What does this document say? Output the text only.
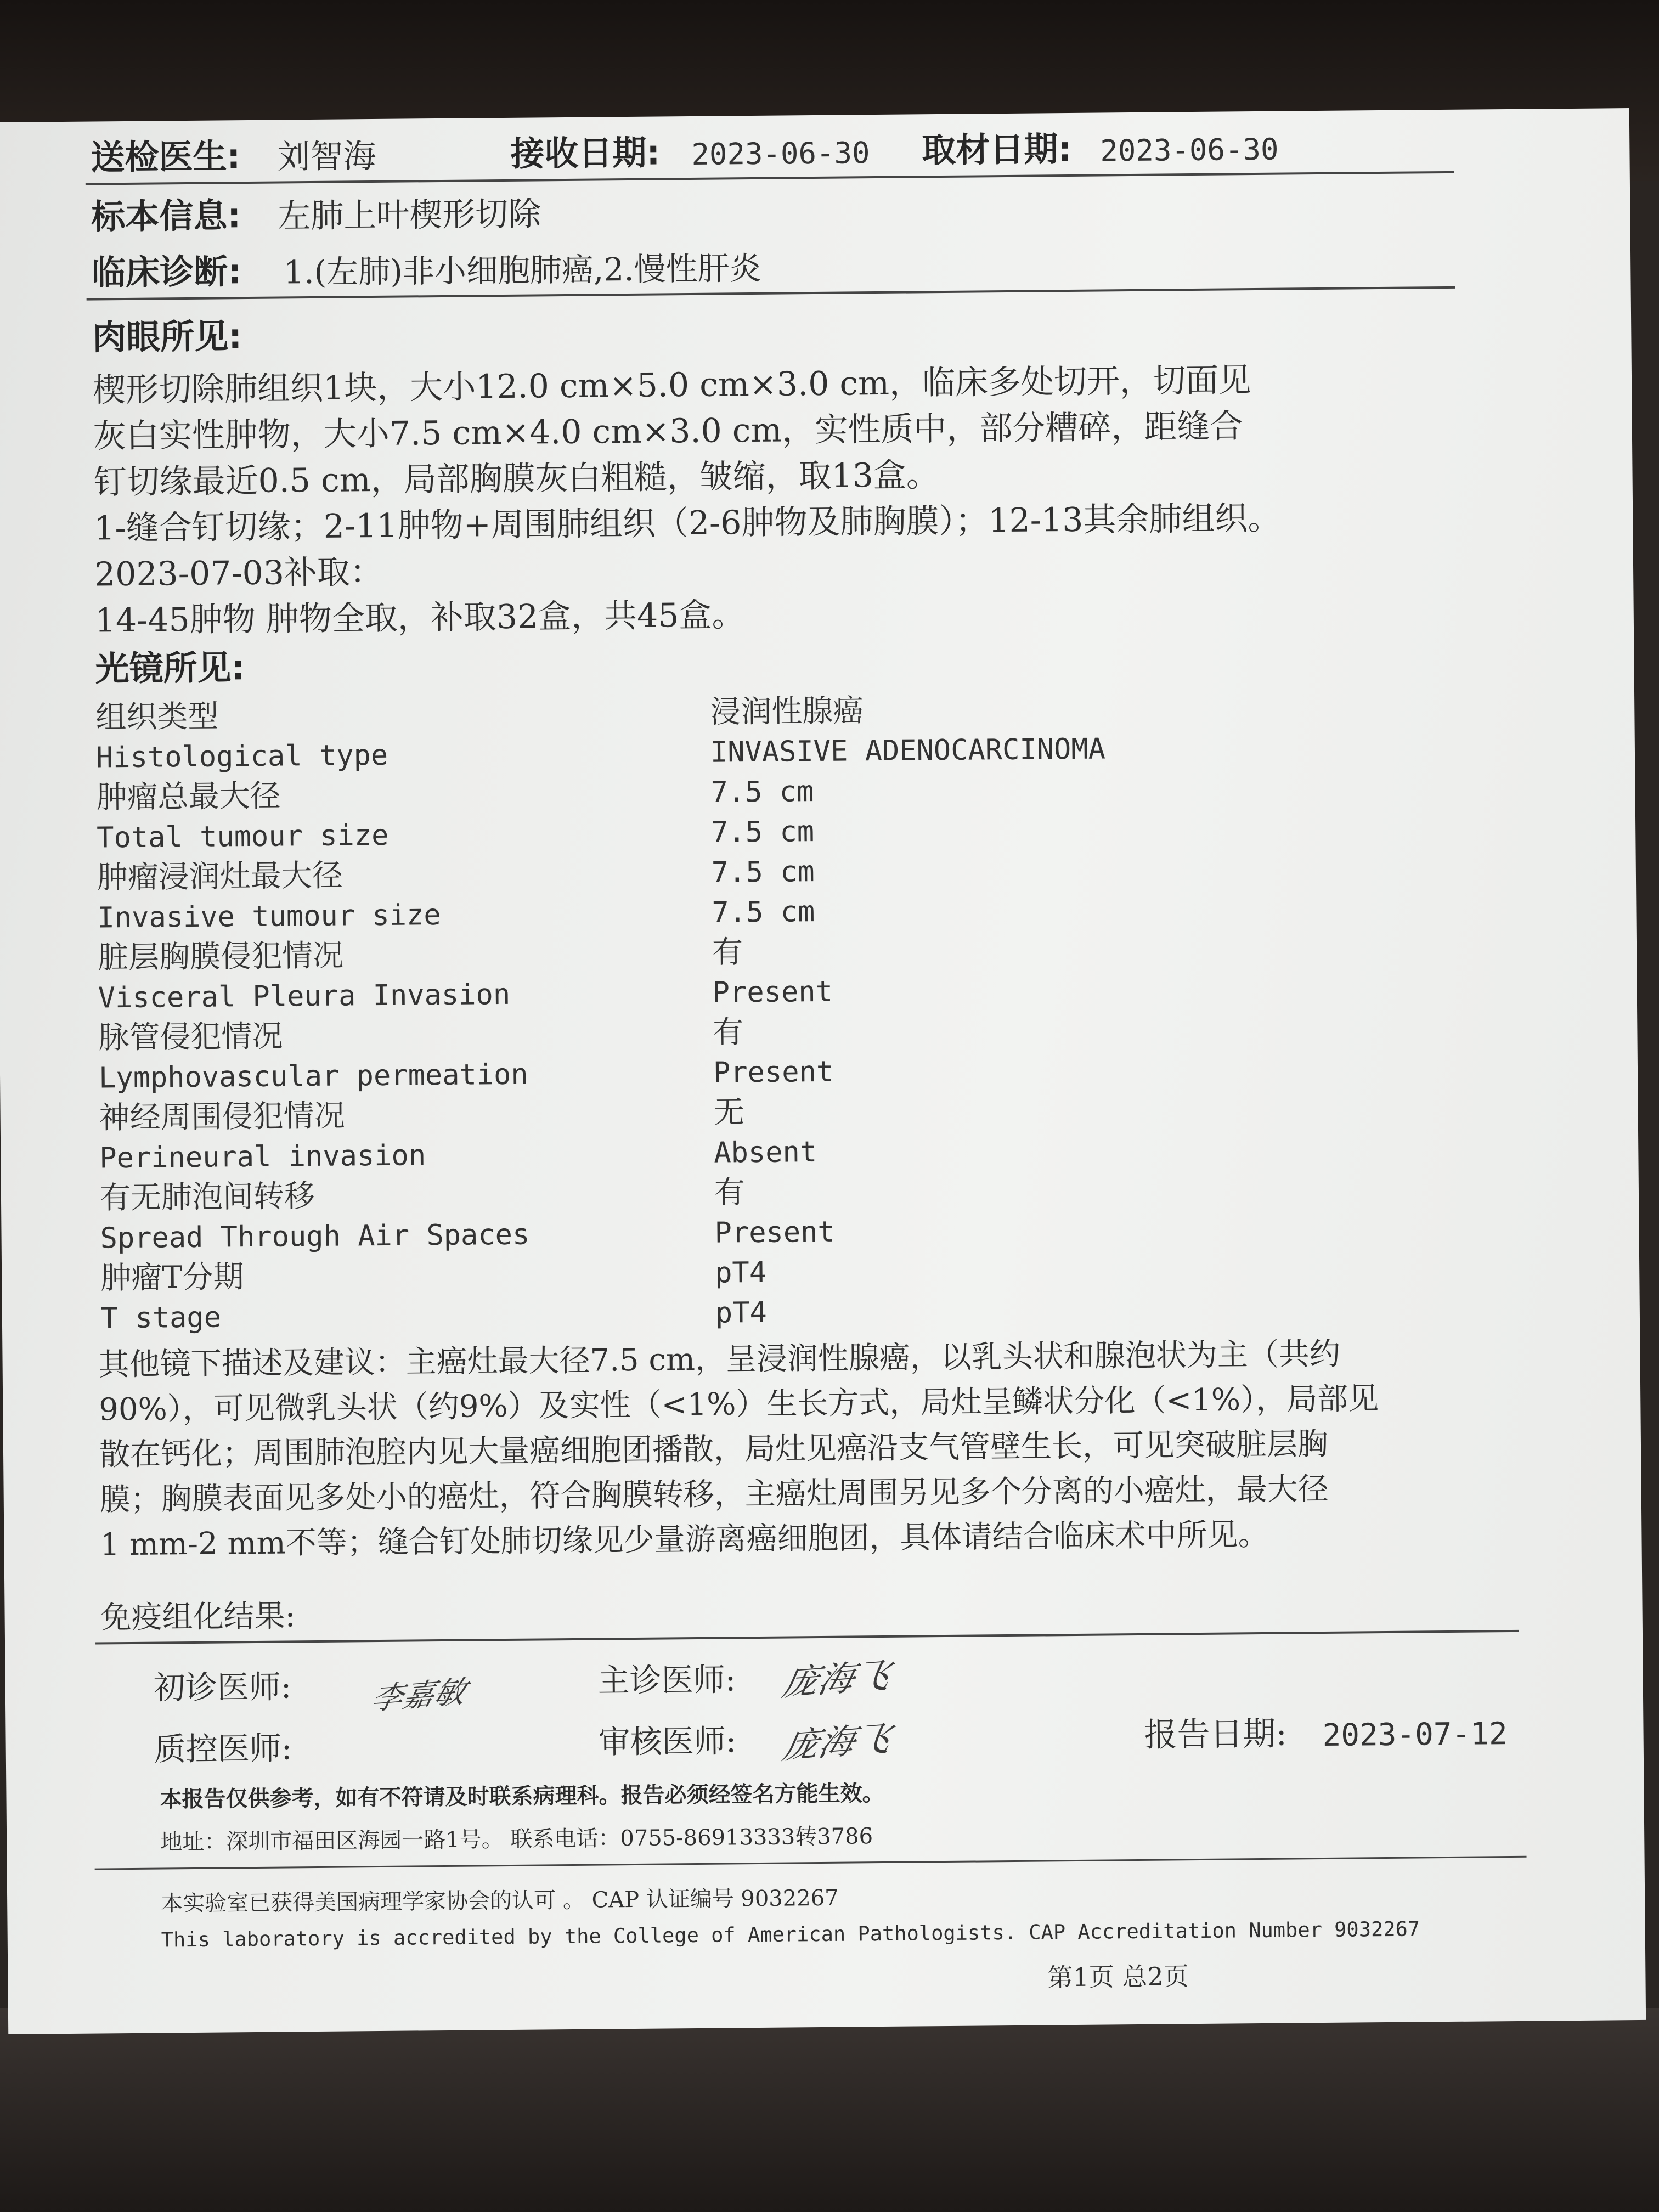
送检医生: 刘智海	接收日期: 2023-06-30 取材日期: 2023-06-30
标本信息: 左肺上叶楔形切除
临床诊断: 1.(左肺)非小细胞肺癌,2.慢性肝炎
肉眼所见:
楔形切除肺组织1块，大小12.0 cm×5.0 cm×3.0 cm，临床多处切开，切面见
灰白实性肿物，大小7.5 cm×4.0 cm×3.0 cm，实性质中，部分糟碎，距缝合
钉切缘最近0.5 cm，局部胸膜灰白粗糙，皱缩，取13盒。
1-缝合钉切缘；2-11肿物+周围肺组织（2-6肿物及肺胸膜）；12-13其余肺组织。
2023-07-03补取：
14-45肿物 肿物全取，补取32盒，共45盒。
光镜所见:
组织类型	浸润性腺癌
Histological type	INVASIVE ADENOCARCINOMA
肿瘤总最大径	7.5 cm
Total tumour size	7.5 cm
肿瘤浸润灶最大径	7.5 cm
Invasive tumour size	7.5 cm
脏层胸膜侵犯情况	有
Visceral Pleura Invasion	Present
脉管侵犯情况	有
Lymphovascular permeation	Present
神经周围侵犯情况	无
Perineural invasion	Absent
有无肺泡间转移	有
Spread Through Air Spaces	Present
肿瘤T分期	pT4
T stage	pT4
其他镜下描述及建议：主癌灶最大径7.5 cm，呈浸润性腺癌，以乳头状和腺泡状为主（共约
90%），可见微乳头状（约9%）及实性（<1%）生长方式，局灶呈鳞状分化（<1%），局部见
散在钙化；周围肺泡腔内见大量癌细胞团播散，局灶见癌沿支气管壁生长，可见突破脏层胸
膜；胸膜表面见多处小的癌灶，符合胸膜转移，主癌灶周围另见多个分离的小癌灶，最大径
1 mm-2 mm不等；缝合钉处肺切缘见少量游离癌细胞团，具体请结合临床术中所见。
免疫组化结果:
初诊医师: 李嘉敏	主诊医师: 庞海飞
质控医师:	审核医师: 庞海飞	报告日期: 2023-07-12
本报告仅供参考，如有不符请及时联系病理科。报告必须经签名方能生效。
地址：深圳市福田区海园一路1号。 联系电话：0755-86913333转3786
本实验室已获得美国病理学家协会的认可 。 CAP 认证编号 9032267
This laboratory is accredited by the College of American Pathologists. CAP Accreditation Number 9032267
第1页 总2页
